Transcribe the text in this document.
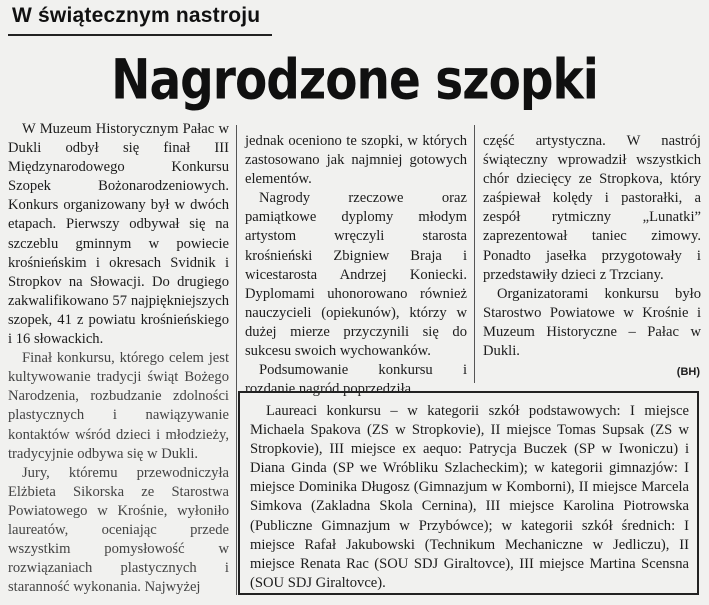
W świątecznym nastroju
Nagrodzone szopki

W Muzeum Historycznym Pałac w Dukli odbył się finał III Międzynarodowego Konkursu Szopek Bożonarodzeniowych. Konkurs organizowany był w dwóch etapach. Pierwszy odbywał się na szczeblu gminnym w powiecie krośnieńskim i okresach Svidnik i Stropkov na Słowacji. Do drugiego zakwalifikowano 57 najpiękniejszych szopek, 41 z powiatu krośnieńskiego i 16 słowackich.

Finał konkursu, którego celem jest kultywowanie tradycji świąt Bożego Narodzenia, rozbudzanie zdolności plastycznych i nawiązywanie kontaktów wśród dzieci i młodzieży, tradycyjnie odbywa się w Dukli.

Jury, któremu przewodniczyła Elżbieta Sikorska ze Starostwa Powiatowego w Krośnie, wyłoniło laureatów, oceniając przede wszystkim pomysłowość w rozwiązaniach plastycznych i staranność wykonania. Najwyżej

jednak oceniono te szopki, w których zastosowano jak najmniej gotowych elementów.

Nagrody rzeczowe oraz pamiątkowe dyplomy młodym artystom wręczyli starosta krośnieński Zbigniew Braja i wicestarosta Andrzej Koniecki. Dyplomami uhonorowano również nauczycieli (opiekunów), którzy w dużej mierze przyczynili się do sukcesu swoich wychowanków.

Podsumowanie konkursu i rozdanie nagród poprzedziła

część artystyczna. W nastrój świąteczny wprowadził wszystkich chór dziecięcy ze Stropkova, który zaśpiewał kolędy i pastorałki, a zespół rytmiczny „Lunatki” zaprezentował taniec zimowy. Ponadto jasełka przygotowały i przedstawiły dzieci z Trzciany.

Organizatorami konkursu było Starostwo Powiatowe w Krośnie i Muzeum Historyczne – Pałac w Dukli.

(BH)

Laureaci konkursu – w kategorii szkół podstawowych: I miejsce Michaela Spakova (ZS w Stropkovie), II miejsce Tomas Supsak (ZS w Stropkovie), III miejsce ex aequo: Patrycja Buczek (SP w Iwoniczu) i Diana Ginda (SP we Wróbliku Szlacheckim); w kategorii gimnazjów: I miejsce Dominika Długosz (Gimnazjum w Komborni), II miejsce Marcela Simkova (Zakladna Skola Cernina), III miejsce Karolina Piotrowska (Publiczne Gimnazjum w Przybówce); w kategorii szkół średnich: I miejsce Rafał Jakubowski (Technikum Mechaniczne w Jedliczu), II miejsce Renata Rac (SOU SDJ Giraltovce), III miejsce Martina Scensna (SOU SDJ Giraltovce).
